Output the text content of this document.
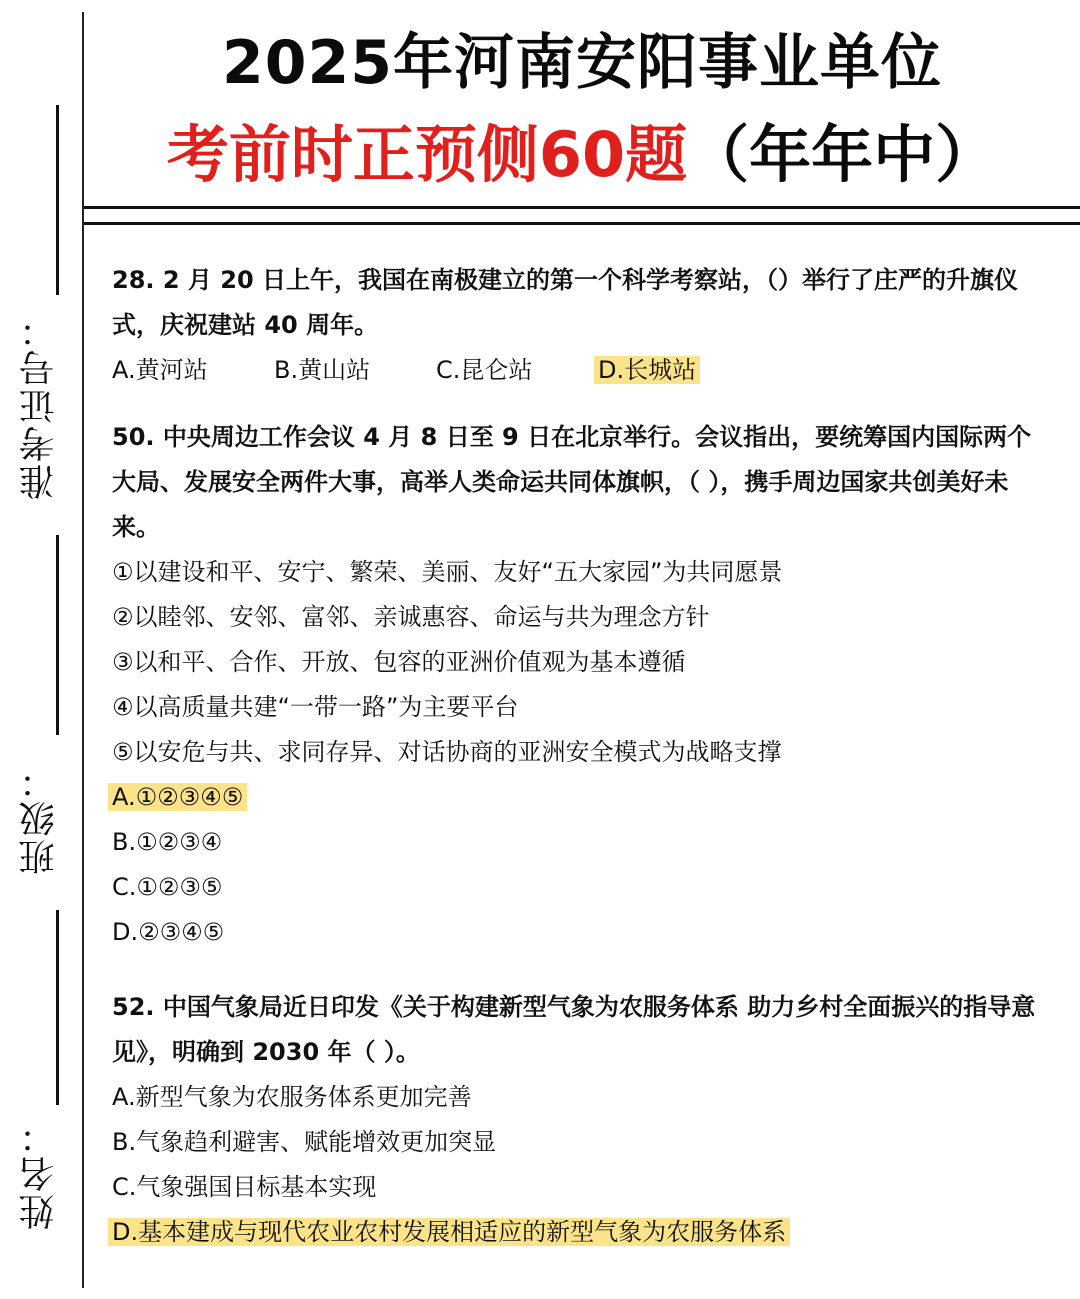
准考证号：
班级：
姓名：
2025年河南安阳事业单位
考前时正预侧60题（年年中）
28. 2 月 20 日上午，我国在南极建立的第一个科学考察站，（）举行了庄严的升旗仪式，庆祝建站 40 周年。
A.黄河站	B.黄山站	C.昆仑站	D.长城站
50. 中央周边工作会议 4 月 8 日至 9 日在北京举行。会议指出，要统筹国内国际两个大局、发展安全两件大事，高举人类命运共同体旗帜，（ ），携手周边国家共创美好未来。
①以建设和平、安宁、繁荣、美丽、友好“五大家园”为共同愿景
②以睦邻、安邻、富邻、亲诚惠容、命运与共为理念方针
③以和平、合作、开放、包容的亚洲价值观为基本遵循
④以高质量共建“一带一路”为主要平台
⑤以安危与共、求同存异、对话协商的亚洲安全模式为战略支撑
A.①②③④⑤
B.①②③④
C.①②③⑤
D.②③④⑤
52. 中国气象局近日印发《关于构建新型气象为农服务体系 助力乡村全面振兴的指导意见》，明确到 2030 年（ ）。
A.新型气象为农服务体系更加完善
B.气象趋利避害、赋能增效更加突显
C.气象强国目标基本实现
D.基本建成与现代农业农村发展相适应的新型气象为农服务体系
